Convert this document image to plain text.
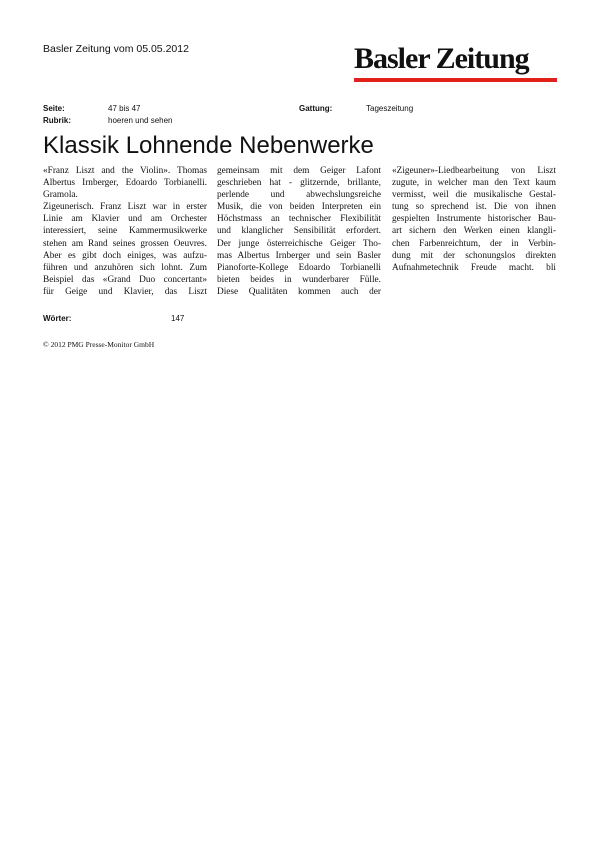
Basler Zeitung vom 05.05.2012	Basler Zeitung
Seite:	47 bis 47	Gattung:	Tageszeitung
Rubrik:	hoeren und sehen
Klassik Lohnende Nebenwerke
«Franz Liszt and the Violin». Thomas
Albertus Irnberger, Edoardo Torbianelli.
Gramola.
Zigeunerisch. Franz Liszt war in erster
Linie am Klavier und am Orchester
interessiert, seine Kammermusikwerke
stehen am Rand seines grossen Oeuvres.
Aber es gibt doch einiges, was aufzu-
führen und anzuhören sich lohnt. Zum
Beispiel das «Grand Duo concertant»
für Geige und Klavier, das Liszt
gemeinsam mit dem Geiger Lafont
geschrieben hat - glitzernde, brillante,
perlende und abwechslungsreiche
Musik, die von beiden Interpreten ein
Höchstmass an technischer Flexibilität
und klanglicher Sensibilität erfordert.
Der junge österreichische Geiger Tho-
mas Albertus Irnberger und sein Basler
Pianoforte-Kollege Edoardo Torbianelli
bieten beides in wunderbarer Fülle.
Diese Qualitäten kommen auch der
«Zigeuner»-Liedbearbeitung von Liszt
zugute, in welcher man den Text kaum
vermisst, weil die musikalische Gestal-
tung so sprechend ist. Die von ihnen
gespielten Instrumente historischer Bau-
art sichern den Werken einen klangli-
chen Farbenreichtum, der in Verbin-
dung mit der schonungslos direkten
Aufnahmetechnik Freude macht. bli
Wörter:	147
© 2012 PMG Presse-Monitor GmbH
